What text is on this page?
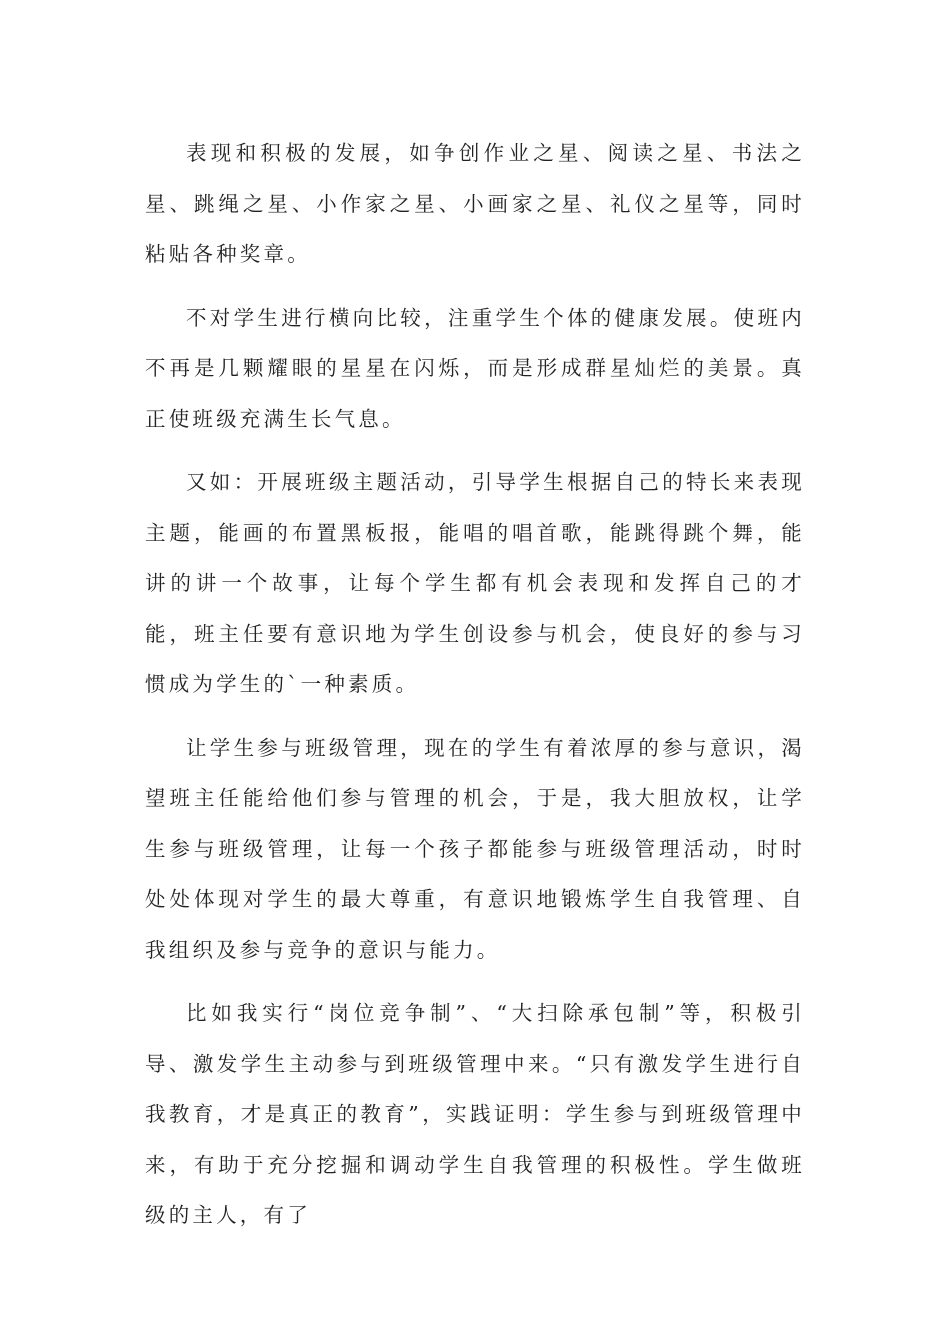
表现和积极的发展，如争创作业之星、阅读之星、书法之星、跳绳之星、小作家之星、小画家之星、礼仪之星等，同时粘贴各种奖章。

不对学生进行横向比较，注重学生个体的健康发展。使班内不再是几颗耀眼的星星在闪烁，而是形成群星灿烂的美景。真正使班级充满生长气息。

又如：开展班级主题活动，引导学生根据自己的特长来表现主题，能画的布置黑板报，能唱的唱首歌，能跳得跳个舞，能讲的讲一个故事，让每个学生都有机会表现和发挥自己的才能，班主任要有意识地为学生创设参与机会，使良好的参与习惯成为学生的`一种素质。

让学生参与班级管理，现在的学生有着浓厚的参与意识，渴望班主任能给他们参与管理的机会，于是，我大胆放权，让学生参与班级管理，让每一个孩子都能参与班级管理活动，时时处处体现对学生的最大尊重，有意识地锻炼学生自我管理、自我组织及参与竞争的意识与能力。

比如我实行“岗位竞争制”、“大扫除承包制”等，积极引导、激发学生主动参与到班级管理中来。“只有激发学生进行自我教育，才是真正的教育”，实践证明：学生参与到班级管理中来，有助于充分挖掘和调动学生自我管理的积极性。学生做班级的主人，有了
